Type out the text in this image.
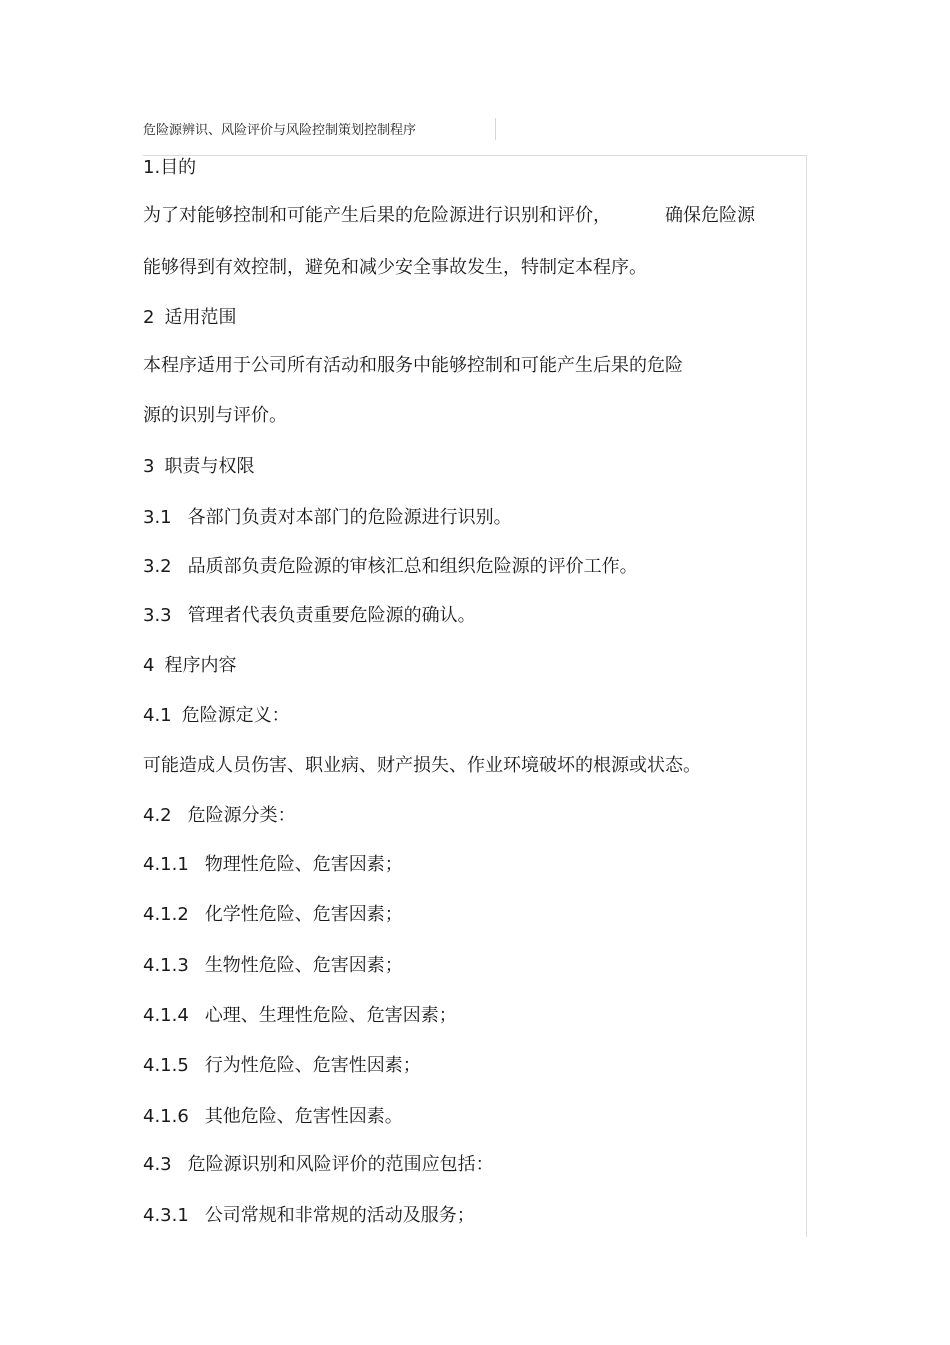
危险源辨识、风险评价与风险控制策划控制程序
1.目的
为了对能够控制和可能产生后果的危险源进行识别和评价，	确保危险源
能够得到有效控制，避免和减少安全事故发生，特制定本程序。
2 适用范围
本程序适用于公司所有活动和服务中能够控制和可能产生后果的危险
源的识别与评价。
3 职责与权限
3.1 各部门负责对本部门的危险源进行识别。
3.2 品质部负责危险源的审核汇总和组织危险源的评价工作。
3.3 管理者代表负责重要危险源的确认。
4 程序内容
4.1 危险源定义：
可能造成人员伤害、职业病、财产损失、作业环境破坏的根源或状态。
4.2 危险源分类：
4.1.1 物理性危险、危害因素；
4.1.2 化学性危险、危害因素；
4.1.3 生物性危险、危害因素；
4.1.4 心理、生理性危险、危害因素；
4.1.5 行为性危险、危害性因素；
4.1.6 其他危险、危害性因素。
4.3 危险源识别和风险评价的范围应包括：
4.3.1 公司常规和非常规的活动及服务；
